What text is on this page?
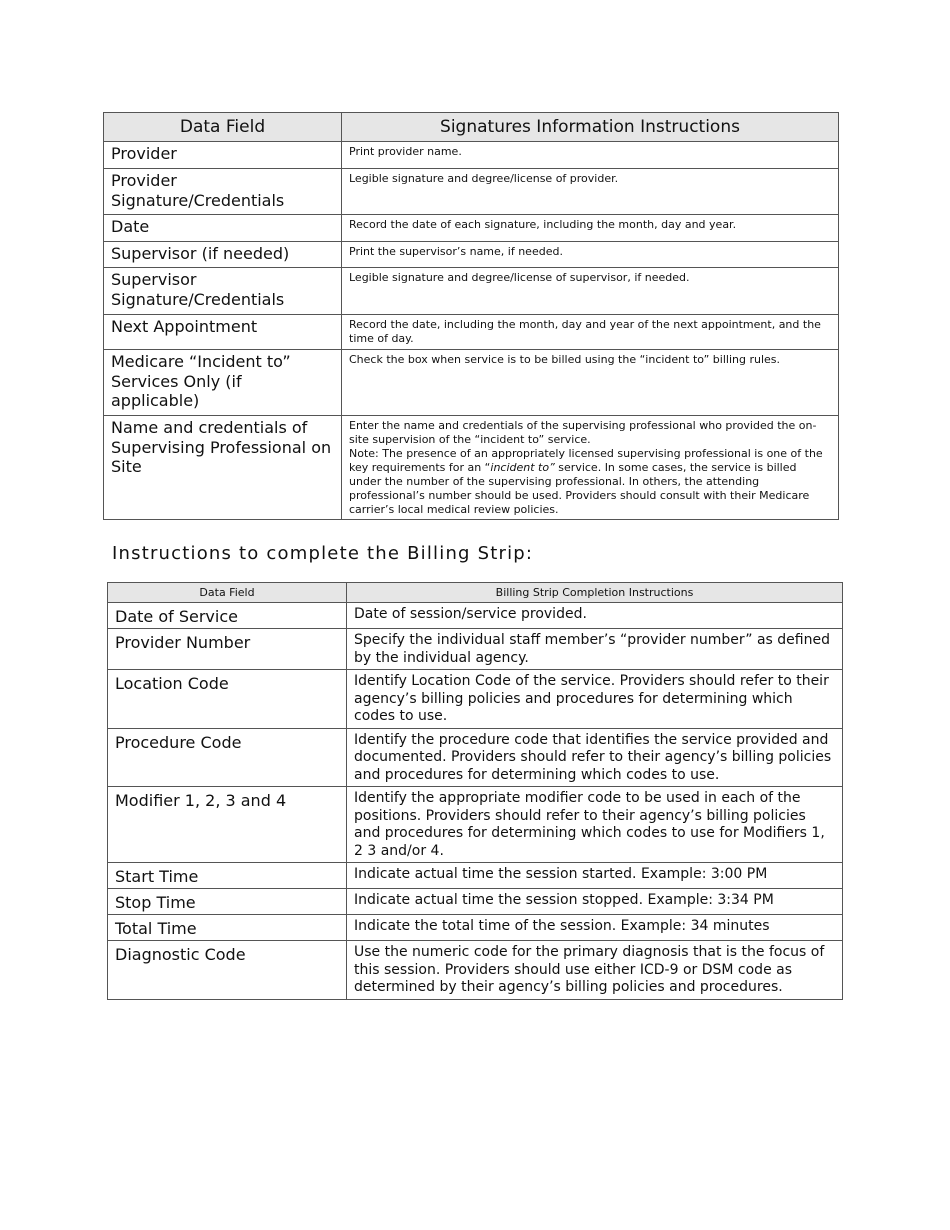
Data Field	Signatures Information Instructions
Provider	Print provider name.
Provider Signature/Credentials	Legible signature and degree/license of provider.
Date	Record the date of each signature, including the month, day and year.
Supervisor (if needed)	Print the supervisor’s name, if needed.
Supervisor Signature/Credentials	Legible signature and degree/license of supervisor, if needed.
Next Appointment	Record the date, including the month, day and year of the next appointment, and the time of day.
Medicare “Incident to” Services Only (if applicable)	Check the box when service is to be billed using the “incident to” billing rules.
Name and credentials of Supervising Professional on Site	Enter the name and credentials of the supervising professional who provided the on-site supervision of the “incident to” service.
Note: The presence of an appropriately licensed supervising professional is one of the key requirements for an “incident to” service. In some cases, the service is billed under the number of the supervising professional. In others, the attending professional’s number should be used. Providers should consult with their Medicare carrier’s local medical review policies.
Instructions to complete the Billing Strip:
Data Field	Billing Strip Completion Instructions
Date of Service	Date of session/service provided.
Provider Number	Specify the individual staff member’s “provider number” as defined by the individual agency.
Location Code	Identify Location Code of the service. Providers should refer to their agency’s billing policies and procedures for determining which codes to use.
Procedure Code	Identify the procedure code that identifies the service provided and documented. Providers should refer to their agency’s billing policies and procedures for determining which codes to use.
Modifier 1, 2, 3 and 4	Identify the appropriate modifier code to be used in each of the positions. Providers should refer to their agency’s billing policies and procedures for determining which codes to use for Modifiers 1, 2 3 and/or 4.
Start Time	Indicate actual time the session started. Example: 3:00 PM
Stop Time	Indicate actual time the session stopped. Example: 3:34 PM
Total Time	Indicate the total time of the session. Example: 34 minutes
Diagnostic Code	Use the numeric code for the primary diagnosis that is the focus of this session. Providers should use either ICD-9 or DSM code as determined by their agency’s billing policies and procedures.
